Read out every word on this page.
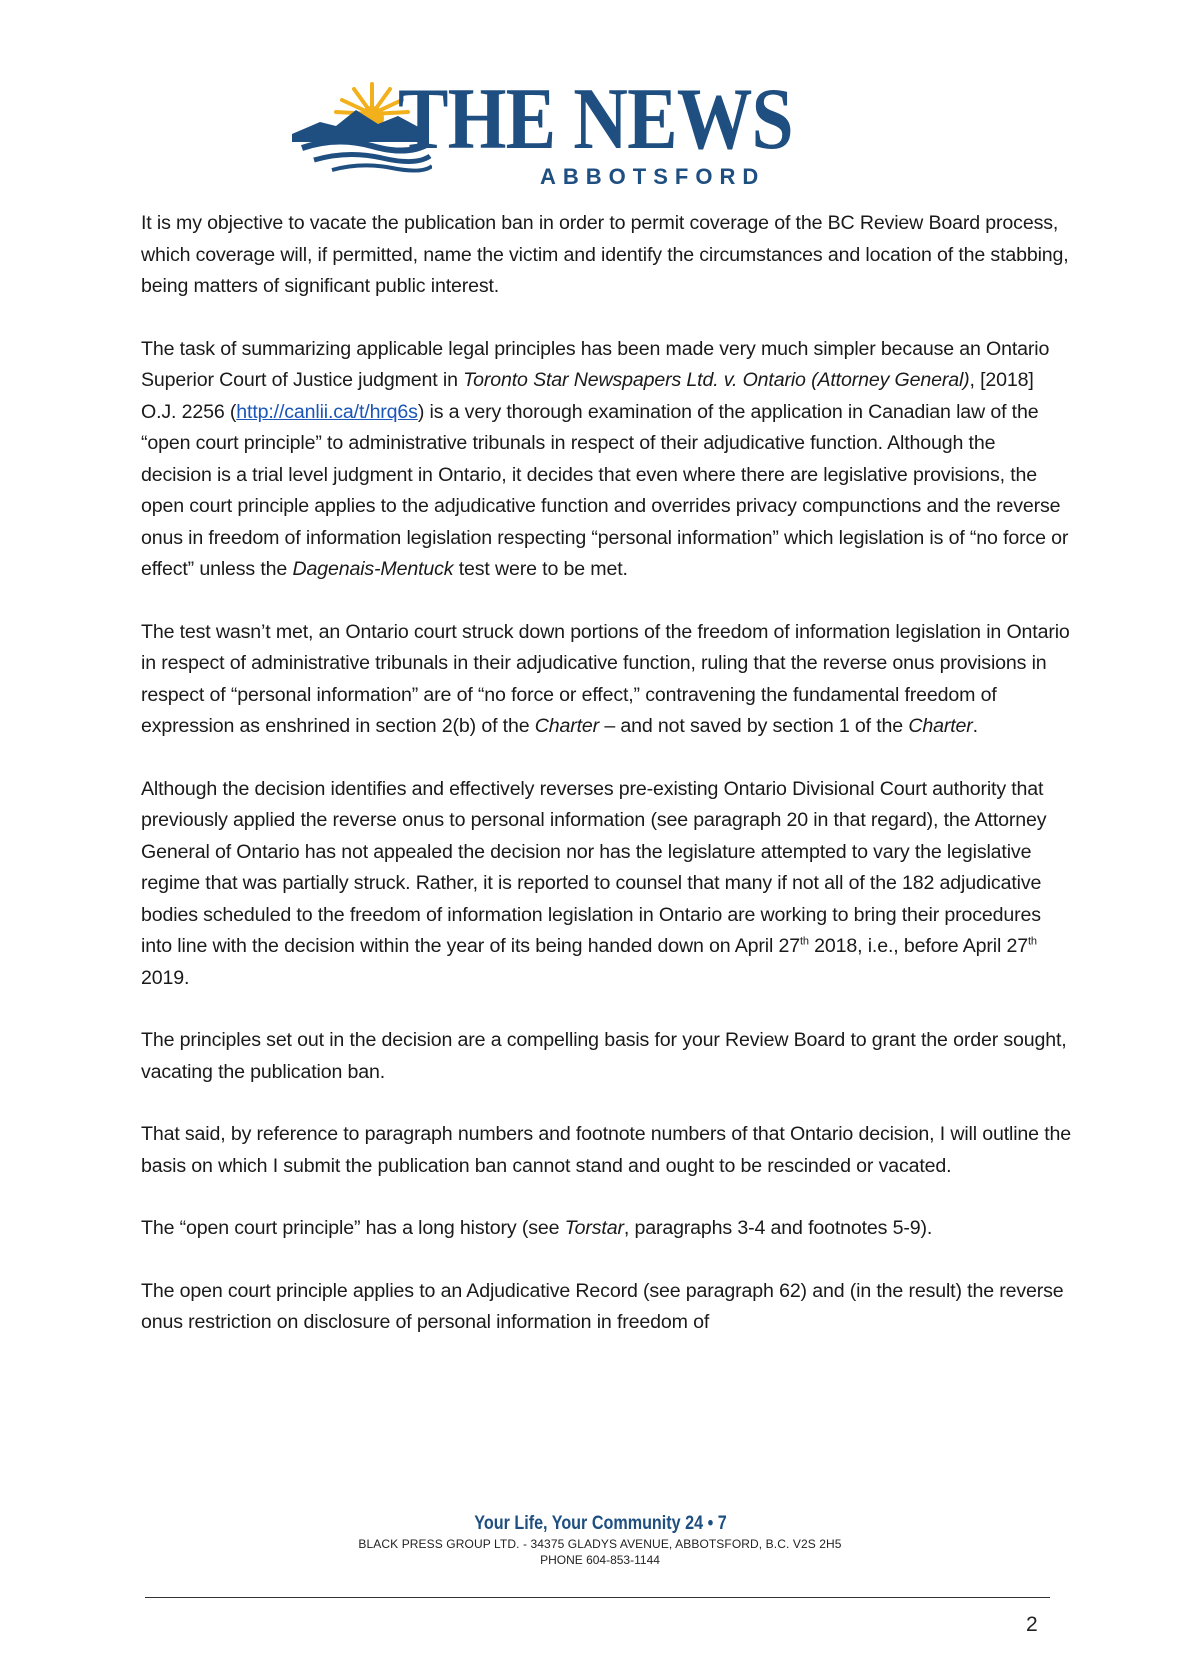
THE NEWS
ABBOTSFORD

It is my objective to vacate the publication ban in order to permit coverage of the BC Review Board process, which coverage will, if permitted, name the victim and identify the circumstances and location of the stabbing, being matters of significant public interest.

The task of summarizing applicable legal principles has been made very much simpler because an Ontario Superior Court of Justice judgment in Toronto Star Newspapers Ltd. v. Ontario (Attorney General), [2018] O.J. 2256 (http://canlii.ca/t/hrq6s) is a very thorough examination of the application in Canadian law of the “open court principle” to administrative tribunals in respect of their adjudicative function. Although the decision is a trial level judgment in Ontario, it decides that even where there are legislative provisions, the open court principle applies to the adjudicative function and overrides privacy compunctions and the reverse onus in freedom of information legislation respecting “personal information” which legislation is of “no force or effect” unless the Dagenais-Mentuck test were to be met.

The test wasn’t met, an Ontario court struck down portions of the freedom of information legislation in Ontario in respect of administrative tribunals in their adjudicative function, ruling that the reverse onus provisions in respect of “personal information” are of “no force or effect,” contravening the fundamental freedom of expression as enshrined in section 2(b) of the Charter – and not saved by section 1 of the Charter.

Although the decision identifies and effectively reverses pre-existing Ontario Divisional Court authority that previously applied the reverse onus to personal information (see paragraph 20 in that regard), the Attorney General of Ontario has not appealed the decision nor has the legislature attempted to vary the legislative regime that was partially struck. Rather, it is reported to counsel that many if not all of the 182 adjudicative bodies scheduled to the freedom of information legislation in Ontario are working to bring their procedures into line with the decision within the year of its being handed down on April 27th 2018, i.e., before April 27th 2019.

The principles set out in the decision are a compelling basis for your Review Board to grant the order sought, vacating the publication ban.

That said, by reference to paragraph numbers and footnote numbers of that Ontario decision, I will outline the basis on which I submit the publication ban cannot stand and ought to be rescinded or vacated.

The “open court principle” has a long history (see Torstar, paragraphs 3-4 and footnotes 5-9).

The open court principle applies to an Adjudicative Record (see paragraph 62) and (in the result) the reverse onus restriction on disclosure of personal information in freedom of

Your Life, Your Community 24 • 7
BLACK PRESS GROUP LTD. - 34375 GLADYS AVENUE, ABBOTSFORD, B.C. V2S 2H5
PHONE 604-853-1144
2
